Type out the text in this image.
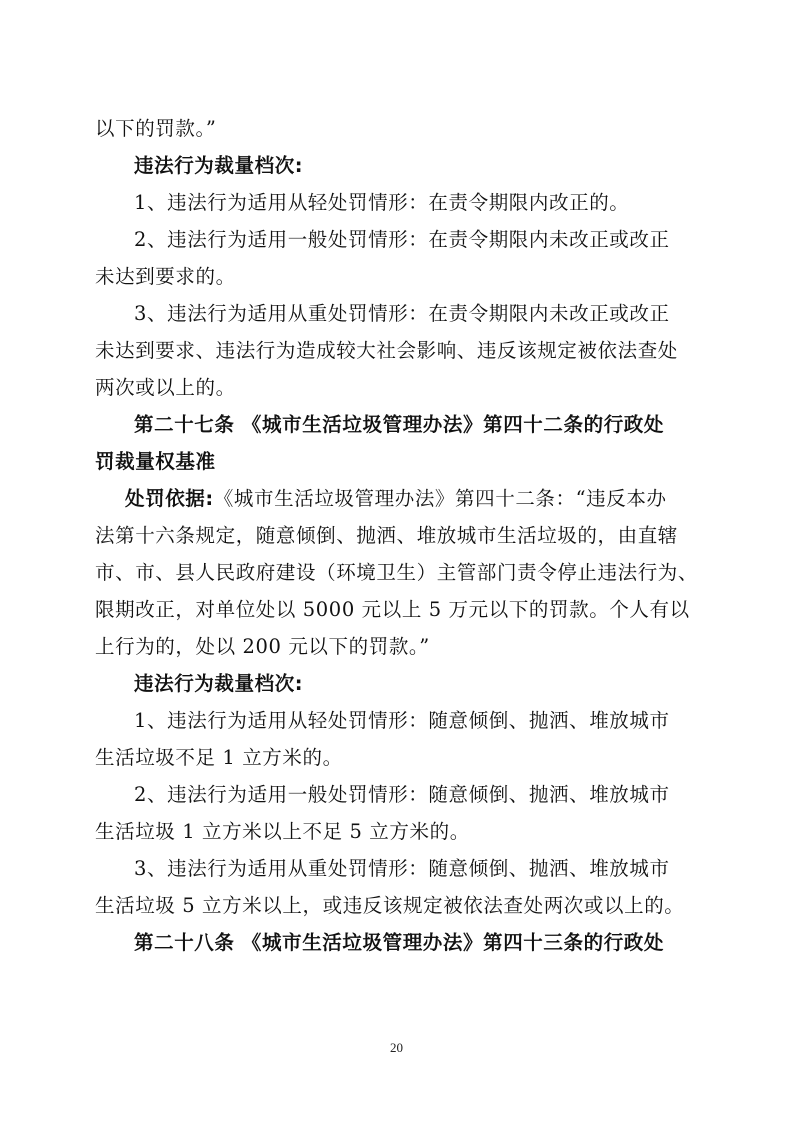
以下的罚款。”
违法行为裁量档次:
1、违法行为适用从轻处罚情形：在责令期限内改正的。
2、违法行为适用一般处罚情形：在责令期限内未改正或改正
未达到要求的。
3、违法行为适用从重处罚情形：在责令期限内未改正或改正
未达到要求、违法行为造成较大社会影响、违反该规定被依法查处
两次或以上的。
第二十七条 《城市生活垃圾管理办法》第四十二条的行政处
罚裁量权基准
处罚依据:《城市生活垃圾管理办法》第四十二条：“违反本办
法第十六条规定，随意倾倒、抛洒、堆放城市生活垃圾的，由直辖
市、市、县人民政府建设（环境卫生）主管部门责令停止违法行为、
限期改正，对单位处以 5000 元以上 5 万元以下的罚款。个人有以
上行为的，处以 200 元以下的罚款。”
违法行为裁量档次:
1、违法行为适用从轻处罚情形：随意倾倒、抛洒、堆放城市
生活垃圾不足 1 立方米的。
2、违法行为适用一般处罚情形：随意倾倒、抛洒、堆放城市
生活垃圾 1 立方米以上不足 5 立方米的。
3、违法行为适用从重处罚情形：随意倾倒、抛洒、堆放城市
生活垃圾 5 立方米以上，或违反该规定被依法查处两次或以上的。
第二十八条 《城市生活垃圾管理办法》第四十三条的行政处
20
